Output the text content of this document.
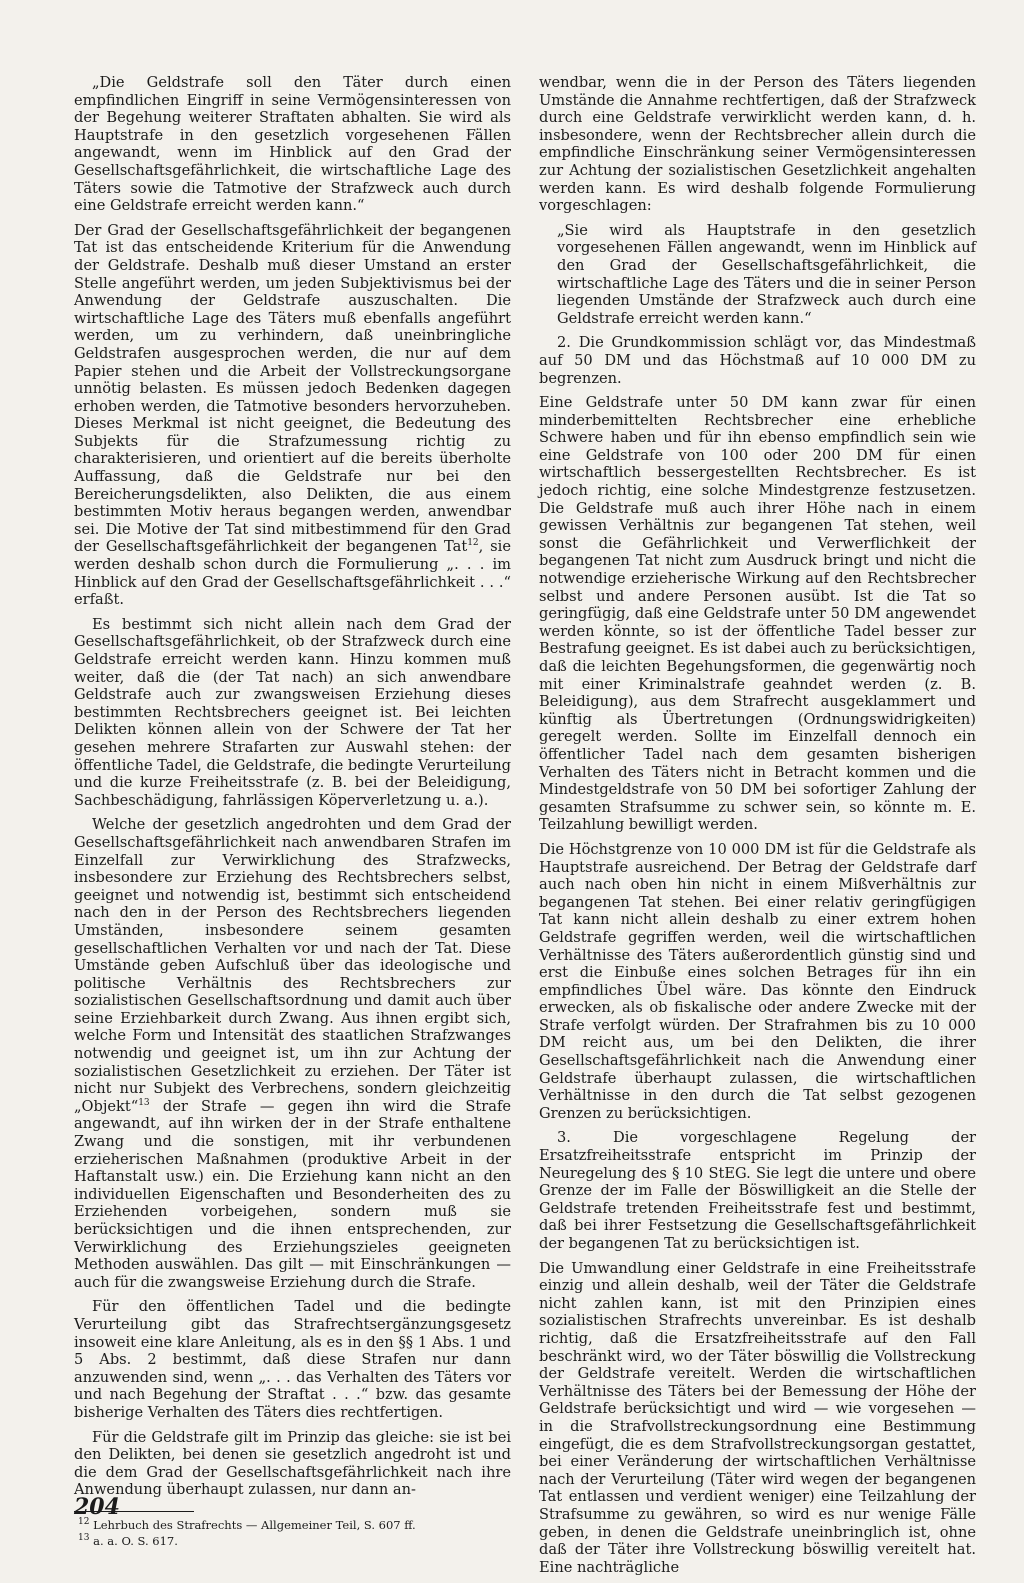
„Die Geldstrafe soll den Täter durch einen empfindlichen Eingriff in seine Vermögensinteressen von der Begehung weiterer Straftaten abhalten. Sie wird als Hauptstrafe in den gesetzlich vorgesehenen Fällen angewandt, wenn im Hinblick auf den Grad der Gesellschaftsgefährlichkeit, die wirtschaftliche Lage des Täters sowie die Tatmotive der Strafzweck auch durch eine Geldstrafe erreicht werden kann.“

Der Grad der Gesellschaftsgefährlichkeit der begangenen Tat ist das entscheidende Kriterium für die Anwendung der Geldstrafe. Deshalb muß dieser Umstand an erster Stelle angeführt werden, um jeden Subjektivismus bei der Anwendung der Geldstrafe auszuschalten. Die wirtschaftliche Lage des Täters muß ebenfalls angeführt werden, um zu verhindern, daß uneinbringliche Geldstrafen ausgesprochen werden, die nur auf dem Papier stehen und die Arbeit der Vollstreckungsorgane unnötig belasten. Es müssen jedoch Bedenken dagegen erhoben werden, die Tatmotive besonders hervorzuheben. Dieses Merkmal ist nicht geeignet, die Bedeutung des Subjekts für die Strafzumessung richtig zu charakterisieren, und orientiert auf die bereits überholte Auffassung, daß die Geldstrafe nur bei den Bereicherungsdelikten, also Delikten, die aus einem bestimmten Motiv heraus begangen werden, anwendbar sei. Die Motive der Tat sind mitbestimmend für den Grad der Gesellschaftsgefährlichkeit der begangenen Tat$^{12}$, sie werden deshalb schon durch die Formulierung „. . . im Hinblick auf den Grad der Gesellschaftsgefährlichkeit . . .“ erfaßt.

Es bestimmt sich nicht allein nach dem Grad der Gesellschaftsgefährlichkeit, ob der Strafzweck durch eine Geldstrafe erreicht werden kann. Hinzu kommen muß weiter, daß die (der Tat nach) an sich anwendbare Geldstrafe auch zur zwangsweisen Erziehung dieses bestimmten Rechtsbrechers geeignet ist. Bei leichten Delikten können allein von der Schwere der Tat her gesehen mehrere Strafarten zur Auswahl stehen: der öffentliche Tadel, die Geldstrafe, die bedingte Verurteilung und die kurze Freiheitsstrafe (z. B. bei der Beleidigung, Sachbeschädigung, fahrlässigen Köperverletzung u. a.).

Welche der gesetzlich angedrohten und dem Grad der Gesellschaftsgefährlichkeit nach anwendbaren Strafen im Einzelfall zur Verwirklichung des Strafzwecks, insbesondere zur Erziehung des Rechtsbrechers selbst, geeignet und notwendig ist, bestimmt sich entscheidend nach den in der Person des Rechtsbrechers liegenden Umständen, insbesondere seinem gesamten gesellschaftlichen Verhalten vor und nach der Tat. Diese Umstände geben Aufschluß über das ideologische und politische Verhältnis des Rechtsbrechers zur sozialistischen Gesellschaftsordnung und damit auch über seine Erziehbarkeit durch Zwang. Aus ihnen ergibt sich, welche Form und Intensität des staatlichen Strafzwanges notwendig und geeignet ist, um ihn zur Achtung der sozialistischen Gesetzlichkeit zu erziehen. Der Täter ist nicht nur Subjekt des Verbrechens, sondern gleichzeitig „Objekt“$^{13}$ der Strafe — gegen ihn wird die Strafe angewandt, auf ihn wirken der in der Strafe enthaltene Zwang und die sonstigen, mit ihr verbundenen erzieherischen Maßnahmen (produktive Arbeit in der Haftanstalt usw.) ein. Die Erziehung kann nicht an den individuellen Eigenschaften und Besonderheiten des zu Erziehenden vorbeigehen, sondern muß sie berücksichtigen und die ihnen entsprechenden, zur Verwirklichung des Erziehungszieles geeigneten Methoden auswählen. Das gilt — mit Einschränkungen — auch für die zwangsweise Erziehung durch die Strafe.

Für den öffentlichen Tadel und die bedingte Verurteilung gibt das Strafrechtsergänzungsgesetz insoweit eine klare Anleitung, als es in den §§ 1 Abs. 1 und 5 Abs. 2 bestimmt, daß diese Strafen nur dann anzuwenden sind, wenn „. . . das Verhalten des Täters vor und nach Begehung der Straftat . . .“ bzw. das gesamte bisherige Verhalten des Täters dies rechtfertigen.

Für die Geldstrafe gilt im Prinzip das gleiche: sie ist bei den Delikten, bei denen sie gesetzlich angedroht ist und die dem Grad der Gesellschaftsgefährlichkeit nach ihre Anwendung überhaupt zulassen, nur dann an-

$^{12}$ Lehrbuch des Strafrechts — Allgemeiner Teil, S. 607 ff.

$^{13}$ a. a. O. S. 617.

wendbar, wenn die in der Person des Täters liegenden Umstände die Annahme rechtfertigen, daß der Strafzweck durch eine Geldstrafe verwirklicht werden kann, d. h. insbesondere, wenn der Rechtsbrecher allein durch die empfindliche Einschränkung seiner Vermögensinteressen zur Achtung der sozialistischen Gesetzlichkeit angehalten werden kann. Es wird deshalb folgende Formulierung vorgeschlagen:

„Sie wird als Hauptstrafe in den gesetzlich vorgesehenen Fällen angewandt, wenn im Hinblick auf den Grad der Gesellschaftsgefährlichkeit, die wirtschaftliche Lage des Täters und die in seiner Person liegenden Umstände der Strafzweck auch durch eine Geldstrafe erreicht werden kann.“

2. Die Grundkommission schlägt vor, das Mindestmaß auf 50 DM und das Höchstmaß auf 10 000 DM zu begrenzen.

Eine Geldstrafe unter 50 DM kann zwar für einen minderbemittelten Rechtsbrecher eine erhebliche Schwere haben und für ihn ebenso empfindlich sein wie eine Geldstrafe von 100 oder 200 DM für einen wirtschaftlich bessergestellten Rechtsbrecher. Es ist jedoch richtig, eine solche Mindestgrenze festzusetzen. Die Geldstrafe muß auch ihrer Höhe nach in einem gewissen Verhältnis zur begangenen Tat stehen, weil sonst die Gefährlichkeit und Verwerflichkeit der begangenen Tat nicht zum Ausdruck bringt und nicht die notwendige erzieherische Wirkung auf den Rechtsbrecher selbst und andere Personen ausübt. Ist die Tat so geringfügig, daß eine Geldstrafe unter 50 DM angewendet werden könnte, so ist der öffentliche Tadel besser zur Bestrafung geeignet. Es ist dabei auch zu berücksichtigen, daß die leichten Begehungsformen, die gegenwärtig noch mit einer Kriminalstrafe geahndet werden (z. B. Beleidigung), aus dem Strafrecht ausgeklammert und künftig als Übertretungen (Ordnungswidrigkeiten) geregelt werden. Sollte im Einzelfall dennoch ein öffentlicher Tadel nach dem gesamten bisherigen Verhalten des Täters nicht in Betracht kommen und die Mindestgeldstrafe von 50 DM bei sofortiger Zahlung der gesamten Strafsumme zu schwer sein, so könnte m. E. Teilzahlung bewilligt werden.

Die Höchstgrenze von 10 000 DM ist für die Geldstrafe als Hauptstrafe ausreichend. Der Betrag der Geldstrafe darf auch nach oben hin nicht in einem Mißverhältnis zur begangenen Tat stehen. Bei einer relativ geringfügigen Tat kann nicht allein deshalb zu einer extrem hohen Geldstrafe gegriffen werden, weil die wirtschaftlichen Verhältnisse des Täters außerordentlich günstig sind und erst die Einbuße eines solchen Betrages für ihn ein empfindliches Übel wäre. Das könnte den Eindruck erwecken, als ob fiskalische oder andere Zwecke mit der Strafe verfolgt würden. Der Strafrahmen bis zu 10 000 DM reicht aus, um bei den Delikten, die ihrer Gesellschaftsgefährlichkeit nach die Anwendung einer Geldstrafe überhaupt zulassen, die wirtschaftlichen Verhältnisse in den durch die Tat selbst gezogenen Grenzen zu berücksichtigen.

3. Die vorgeschlagene Regelung der Ersatzfreiheitsstrafe entspricht im Prinzip der Neuregelung des § 10 StEG. Sie legt die untere und obere Grenze der im Falle der Böswilligkeit an die Stelle der Geldstrafe tretenden Freiheitsstrafe fest und bestimmt, daß bei ihrer Festsetzung die Gesellschaftsgefährlichkeit der begangenen Tat zu berücksichtigen ist.

Die Umwandlung einer Geldstrafe in eine Freiheitsstrafe einzig und allein deshalb, weil der Täter die Geldstrafe nicht zahlen kann, ist mit den Prinzipien eines sozialistischen Strafrechts unvereinbar. Es ist deshalb richtig, daß die Ersatzfreiheitsstrafe auf den Fall beschränkt wird, wo der Täter böswillig die Vollstreckung der Geldstrafe vereitelt. Werden die wirtschaftlichen Verhältnisse des Täters bei der Bemessung der Höhe der Geldstrafe berücksichtigt und wird — wie vorgesehen — in die Strafvollstreckungsordnung eine Bestimmung eingefügt, die es dem Strafvollstreckungsorgan gestattet, bei einer Veränderung der wirtschaftlichen Verhältnisse nach der Verurteilung (Täter wird wegen der begangenen Tat entlassen und verdient weniger) eine Teilzahlung der Strafsumme zu gewähren, so wird es nur wenige Fälle geben, in denen die Geldstrafe uneinbringlich ist, ohne daß der Täter ihre Vollstreckung böswillig vereitelt hat. Eine nachträgliche

204
